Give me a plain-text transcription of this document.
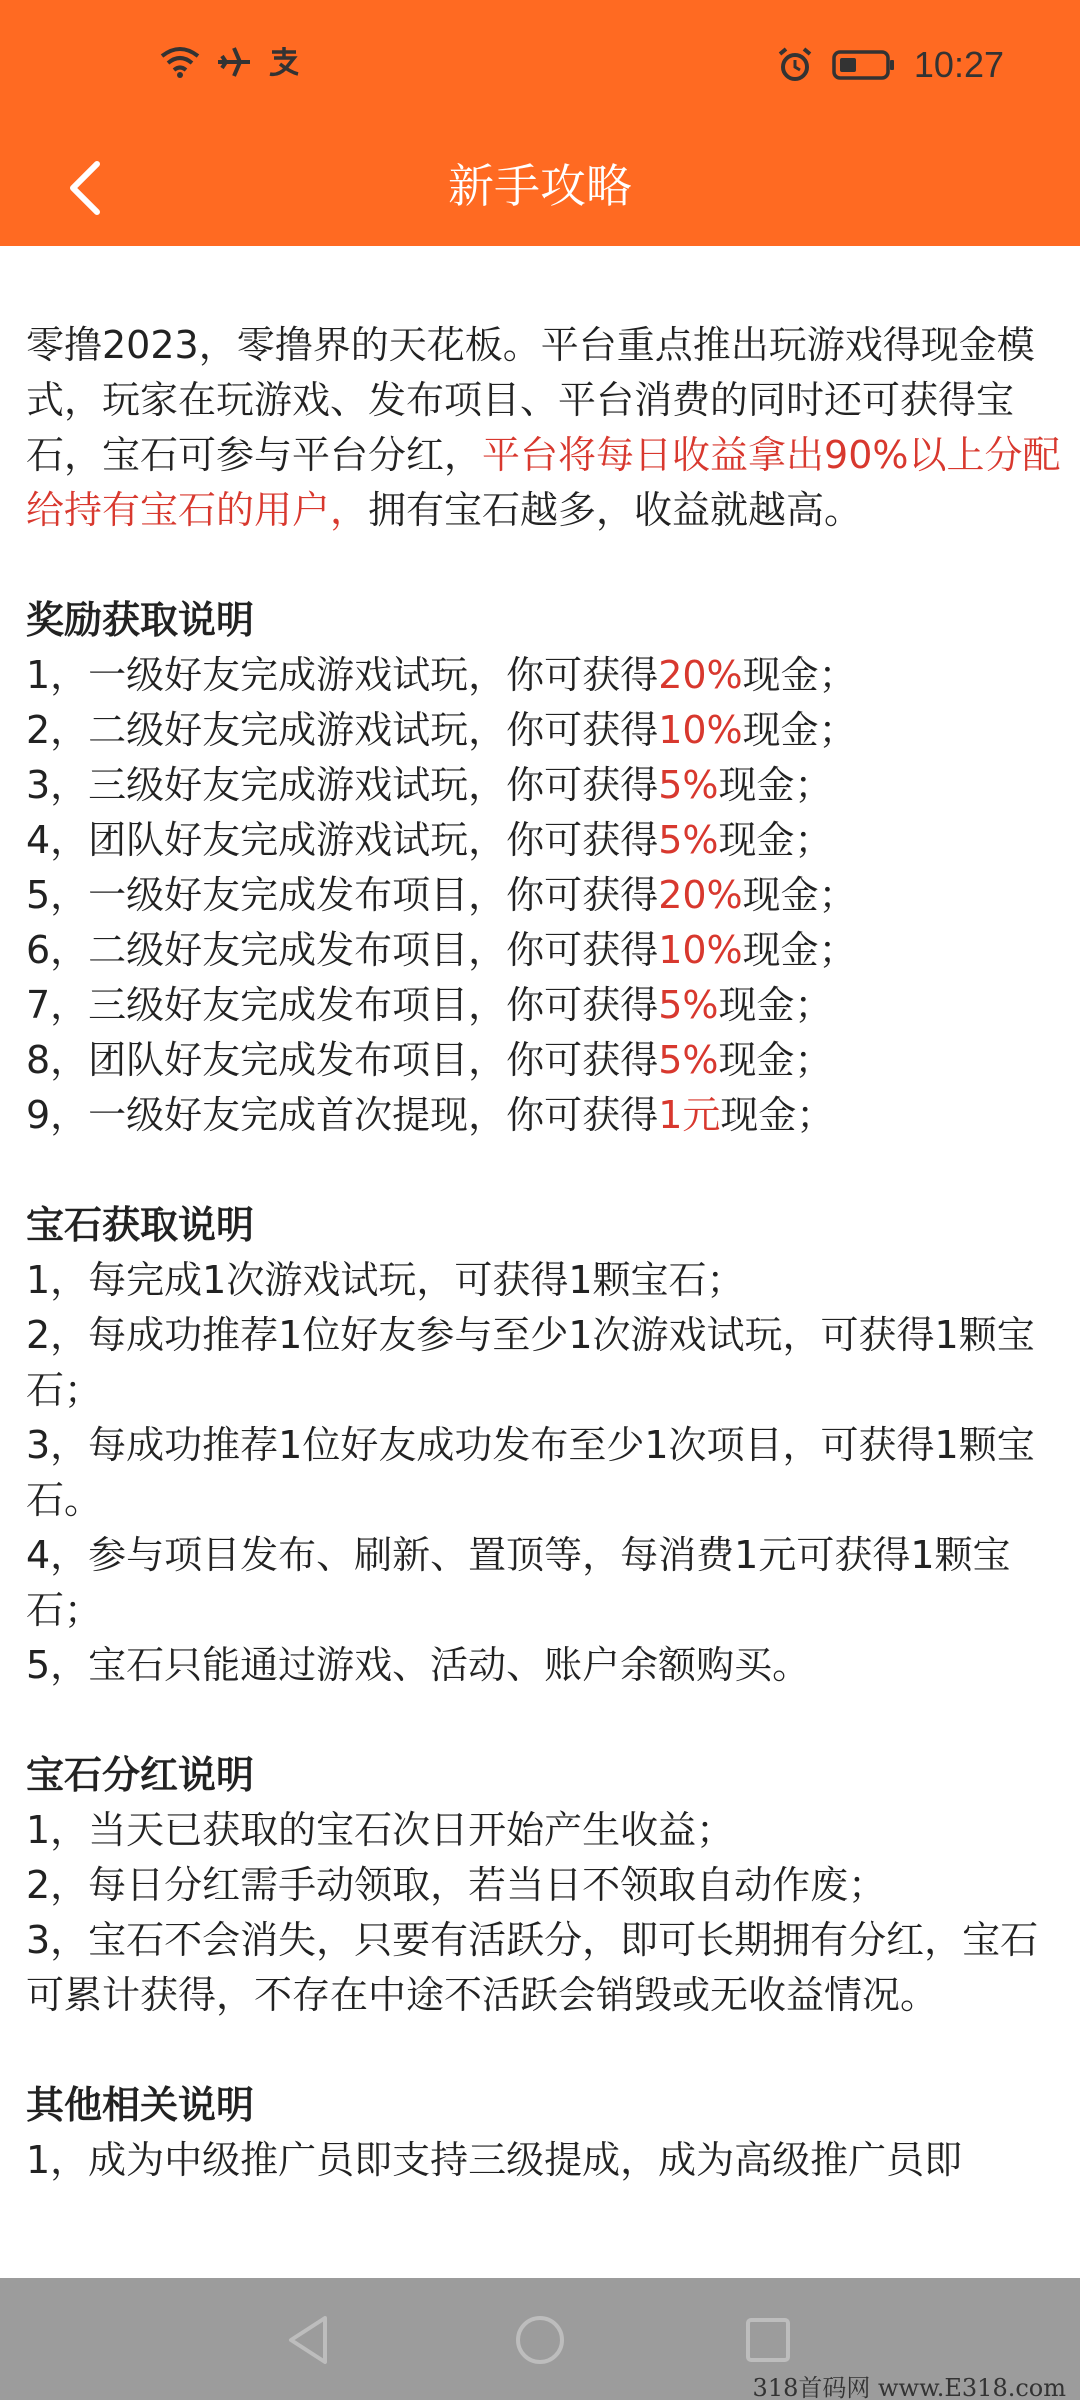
10:27
新手攻略

零撸2023，零撸界的天花板。平台重点推出玩游戏得现金模式，玩家在玩游戏、发布项目、平台消费的同时还可获得宝石，宝石可参与平台分红，平台将每日收益拿出90%以上分配给持有宝石的用户，拥有宝石越多，收益就越高。

奖励获取说明

1，一级好友完成游戏试玩，你可获得20%现金；

2，二级好友完成游戏试玩，你可获得10%现金；

3，三级好友完成游戏试玩，你可获得5%现金；

4，团队好友完成游戏试玩，你可获得5%现金；

5，一级好友完成发布项目，你可获得20%现金；

6，二级好友完成发布项目，你可获得10%现金；

7，三级好友完成发布项目，你可获得5%现金；

8，团队好友完成发布项目，你可获得5%现金；

9，一级好友完成首次提现，你可获得1元现金；

宝石获取说明

1，每完成1次游戏试玩，可获得1颗宝石；

2，每成功推荐1位好友参与至少1次游戏试玩，可获得1颗宝石；

3，每成功推荐1位好友成功发布至少1次项目，可获得1颗宝石。

4，参与项目发布、刷新、置顶等，每消费1元可获得1颗宝石；

5，宝石只能通过游戏、活动、账户余额购买。

宝石分红说明

1，当天已获取的宝石次日开始产生收益；

2，每日分红需手动领取，若当日不领取自动作废；

3，宝石不会消失，只要有活跃分，即可长期拥有分红，宝石可累计获得，不存在中途不活跃会销毁或无收益情况。

其他相关说明

1，成为中级推广员即支持三级提成，成为高级推广员即

318首码网 www.E318.com
